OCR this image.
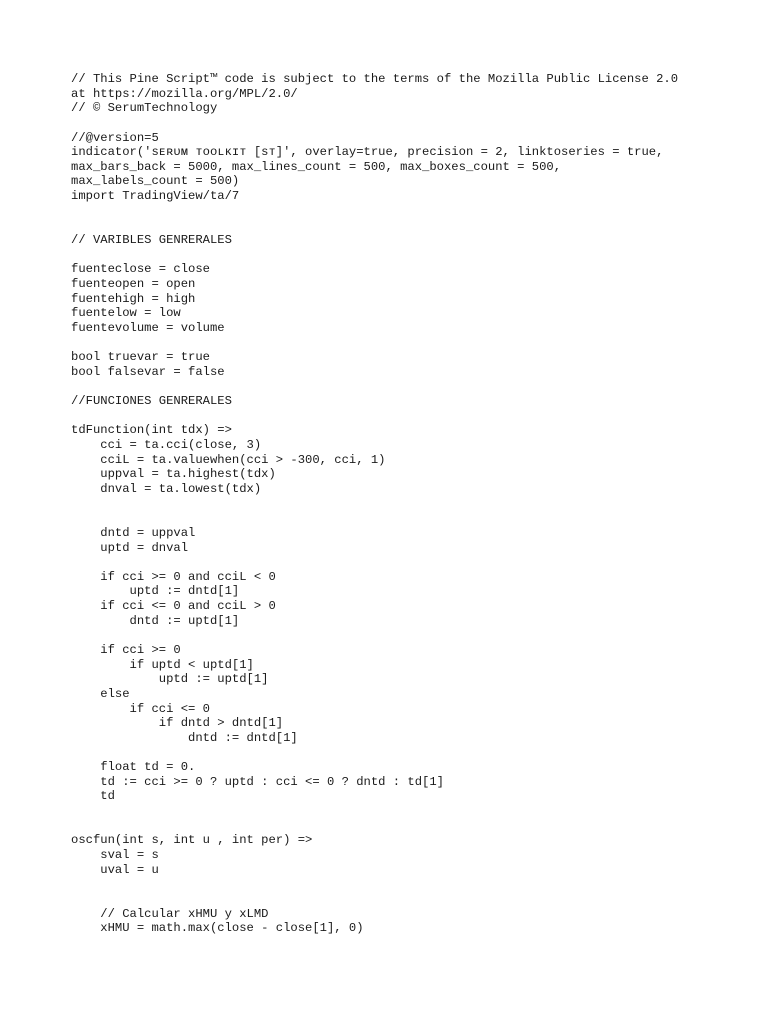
// This Pine Script™ code is subject to the terms of the Mozilla Public License 2.0
at https://mozilla.org/MPL/2.0/
// © SerumTechnology
//@version=5
indicator('ѕᴇʀᴜᴍ ᴛᴏᴏʟᴋɪᴛ [ѕᴛ]', overlay=true, precision = 2, linktoseries = true,
max_bars_back = 5000, max_lines_count = 500, max_boxes_count = 500,
max_labels_count = 500)
import TradingView/ta/7
// VARIBLES GENRERALES
fuenteclose = close
fuenteopen = open
fuentehigh = high
fuentelow = low
fuentevolume = volume
bool truevar = true
bool falsevar = false
//FUNCIONES GENRERALES
tdFunction(int tdx) =>
cci = ta.cci(close, 3)
cciL = ta.valuewhen(cci > -300, cci, 1)
uppval = ta.highest(tdx)
dnval = ta.lowest(tdx)
dntd = uppval
uptd = dnval
if cci >= 0 and cciL < 0
uptd := dntd[1]
if cci <= 0 and cciL > 0
dntd := uptd[1]
if cci >= 0
if uptd < uptd[1]
uptd := uptd[1]
else
if cci <= 0
if dntd > dntd[1]
dntd := dntd[1]
float td = 0.
td := cci >= 0 ? uptd : cci <= 0 ? dntd : td[1]
td
oscfun(int s, int u , int per) =>
sval = s
uval = u
// Calcular xHMU y xLMD
xHMU = math.max(close - close[1], 0)
